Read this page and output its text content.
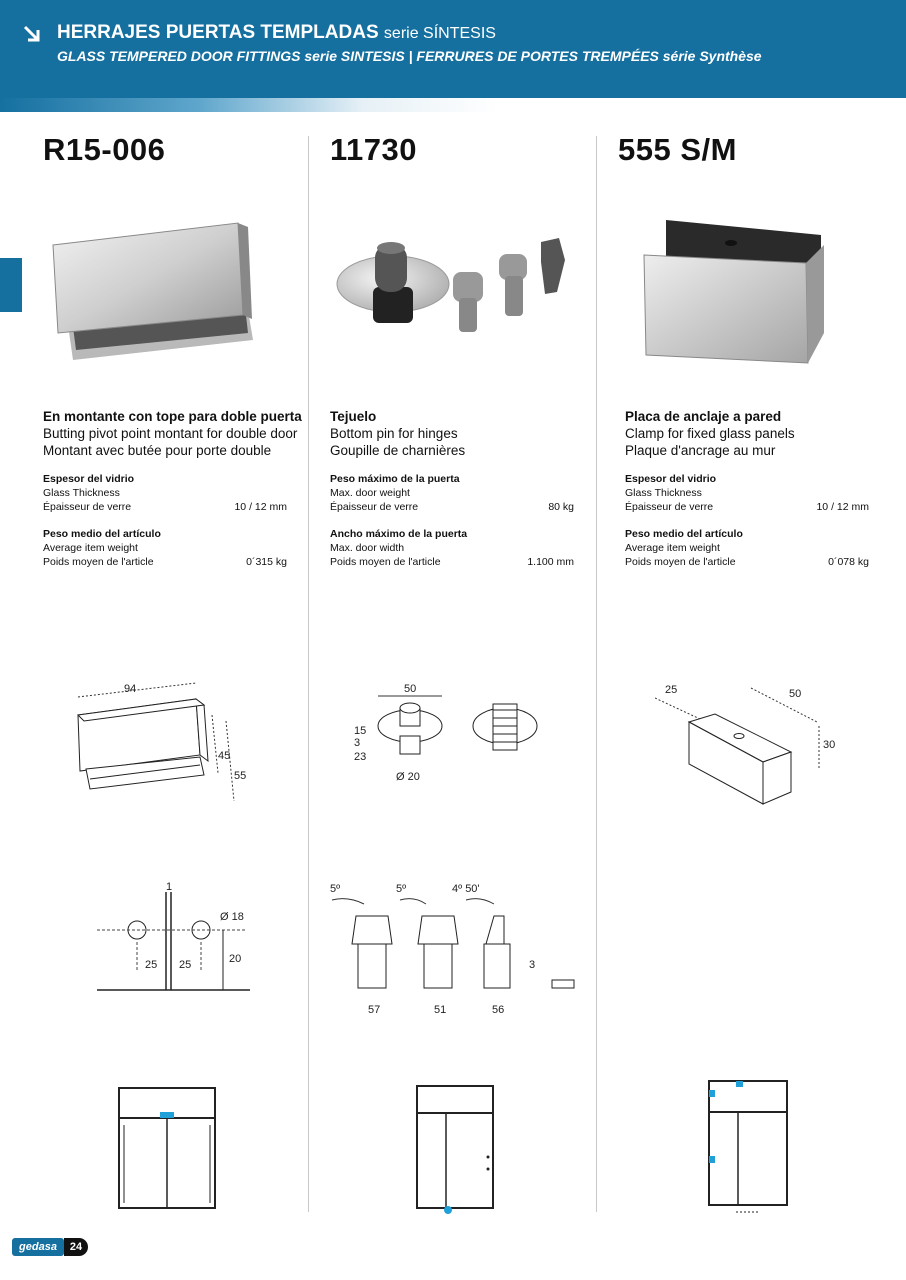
HERRAJES PUERTAS TEMPLADAS serie SÍNTESIS
GLASS TEMPERED DOOR FITTINGS serie SINTESIS | FERRURES DE PORTES TREMPÉES série Synthèse
R15-006	11730	555 S/M
En montante con tope para doble puerta
Butting pivot point montant for double door
Montant avec butée pour porte double
Tejuelo
Bottom pin for hinges
Goupille de charnières
Placa de anclaje a pared
Clamp for fixed glass panels
Plaque d'ancrage au mur
Espesor del vidrio
Glass Thickness
Épaisseur de verre	10 / 12 mm
Peso medio del artículo
Average item weight
Poids moyen de l'article	0´315 kg
Peso máximo de la puerta
Max. door weight
Épaisseur de verre	80 kg
Ancho máximo de la puerta
Max. door width
Poids moyen de l'article	1.100 mm
Espesor del vidrio
Glass Thickness
Épaisseur de verre	10 / 12 mm
Peso medio del artículo
Average item weight
Poids moyen de l'article	0´078 kg
94
45
55
1
Ø 18
25 25	20
50
15
3
23
Ø 20
5º	5º	4º 50'
57	51	56
3
25	50
30
gedasa	24
